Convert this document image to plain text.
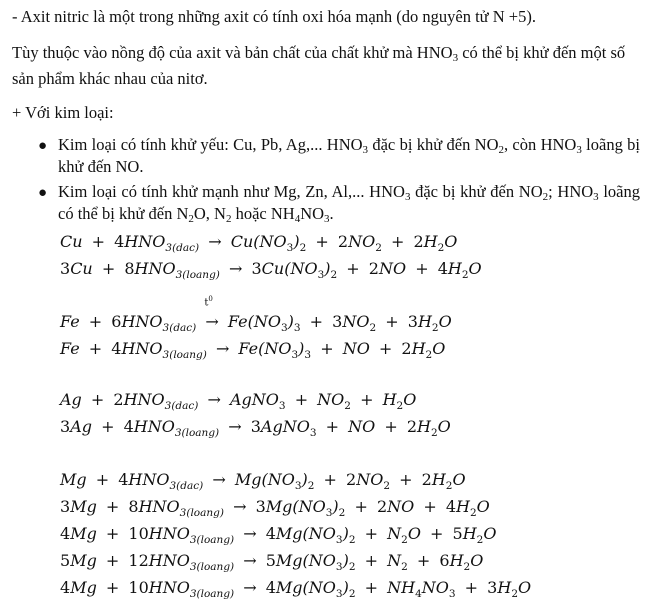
- Axit nitric là một trong những axit có tính oxi hóa mạnh (do nguyên tử N +5).

Tùy thuộc vào nồng độ của axit và bản chất của chất khử mà $HNO_3$ có thể bị khử đến một số sản phẩm khác nhau của nitơ.

+ Với kim loại:

● Kim loại có tính khử yếu: Cu, Pb, Ag,... $HNO_3$ đặc bị khử đến $NO_2$, còn $HNO_3$ loãng bị khử đến NO.
● Kim loại có tính khử mạnh như Mg, Zn, Al,... $HNO_3$ đặc bị khử đến $NO_2$; $HNO_3$ loãng có thể bị khử đến $N_2O$, $N_2$ hoặc $NH_4NO_3$.
$Cu + 4HNO_{3(dac)} \to Cu(NO_3)_2 + 2NO_2 + 2H_2O$
$3Cu + 8HNO_{3(loang)} \to 3Cu(NO_3)_2 + 2NO + 4H_2O$
$Fe + 6HNO_{3(dac)}$
$t^0$
→ $Fe(NO_3)_3 + 3NO_2 + 3H_2O$
$Fe + 4HNO_{3(loang)} \to Fe(NO_3)_3$ + NO + $2H_2O$
$Ag + 2HNO_{3(dac)}$ → AgNO$_3$ + $NO_2 + H_2O$
$3Ag + 4HNO_{3(loang)}$ → 3AgNO$_3$ + NO + $2H_2O$
$Mg + 4HNO_{3(dac)} \to Mg(NO_3)_2 + 2NO_2 + 2H_2O$
$3Mg + 8HNO_{3(loang)} \to 3Mg(NO_3)_2 + 2NO + 4H_2O$
$4Mg + 10HNO_{3(loang)} \to 4Mg(NO_3)_2 + N_2O + 5H_2O$
$5Mg + 12HNO_{3(loang)} \to 5Mg(NO_3)_2 + N_2 + 6H_2O$
$4Mg + 10HNO_{3(loang)} \to 4Mg(NO_3)_2 + NH_4NO_3 + 3H_2O$
